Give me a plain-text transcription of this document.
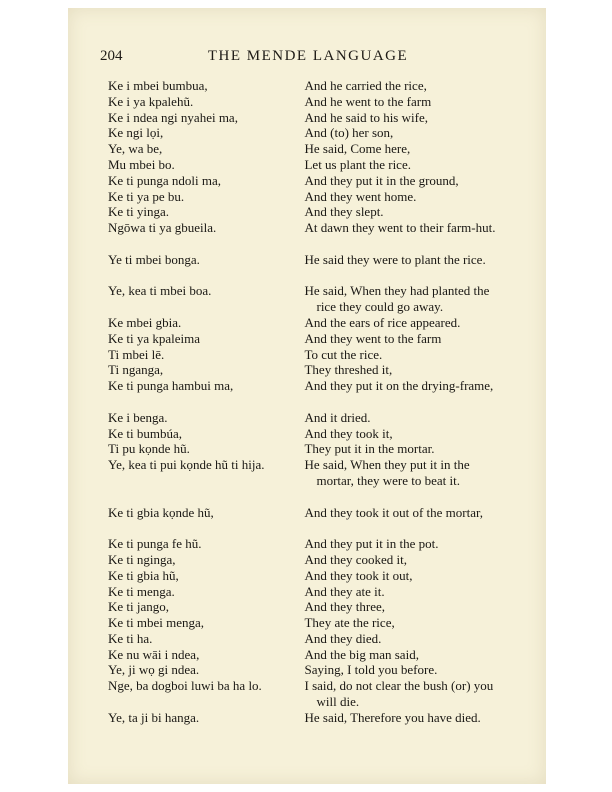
204	THE MENDE LANGUAGE
Ke i mbei bumbua,	And he carried the rice,
Ke i ya kpalehũ.	And he went to the farm
Ke i ndea ngi nyahei ma,	And he said to his wife,
Ke ngi lọi,	And (to) her son,
Ye, wa be,	He said, Come here,
Mu mbei bo.	Let us plant the rice.
Ke ti punga ndoli ma,	And they put it in the ground,
Ke ti ya pe bu.	And they went home.
Ke ti yinga.	And they slept.
Ngōwa ti ya gbueila.	At dawn they went to their farm-hut.
Ye ti mbei bonga.	He said they were to plant the rice.
Ye, kea ti mbei boa.	He said, When they had planted the rice they could go away.
Ke mbei gbia.	And the ears of rice appeared.
Ke ti ya kpaleima	And they went to the farm
Ti mbei lē.	To cut the rice.
Ti nganga,	They threshed it,
Ke ti punga hambui ma,	And they put it on the drying-frame,
Ke i benga.	And it dried.
Ke ti bumbúa,	And they took it,
Ti pu kọnde hũ.	They put it in the mortar.
Ye, kea ti pui kọnde hũ ti hija.	He said, When they put it in the mortar, they were to beat it.
Ke ti gbia kọnde hũ,	And they took it out of the mortar,
Ke ti punga fe hũ.	And they put it in the pot.
Ke ti nginga,	And they cooked it,
Ke ti gbia hũ,	And they took it out,
Ke ti menga.	And they ate it.
Ke ti jango,	And they three,
Ke ti mbei menga,	They ate the rice,
Ke ti ha.	And they died.
Ke nu wāi i ndea,	And the big man said,
Ye, ji wọ gi ndea.	Saying, I told you before.
Nge, ba dogboi luwi ba ha lo.	I said, do not clear the bush (or) you will die.
Ye, ta ji bi hanga.	He said, Therefore you have died.
